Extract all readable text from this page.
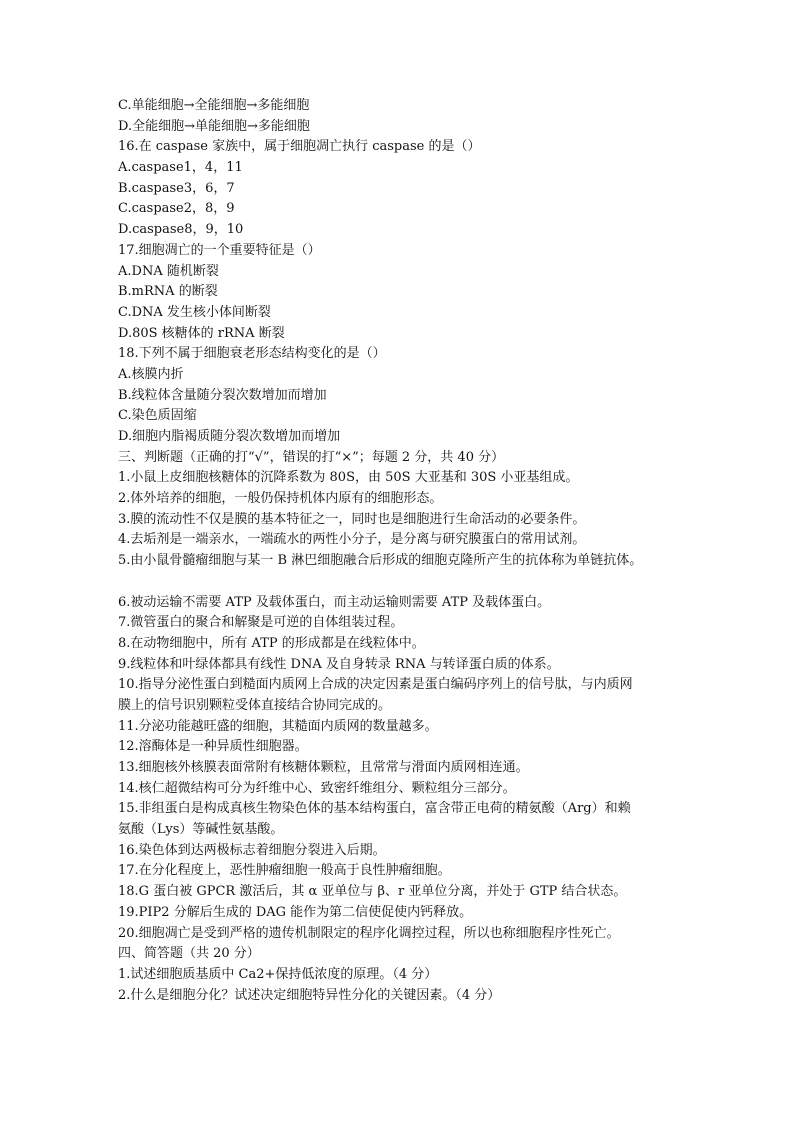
C.单能细胞→全能细胞→多能细胞
D.全能细胞→单能细胞→多能细胞
16.在 caspase 家族中，属于细胞凋亡执行 caspase 的是（）
A.caspase1，4，11
B.caspase3，6，7
C.caspase2，8，9
D.caspase8，9，10
17.细胞凋亡的一个重要特征是（）
A.DNA 随机断裂
B.mRNA 的断裂
C.DNA 发生核小体间断裂
D.80S 核糖体的 rRNA 断裂
18.下列不属于细胞衰老形态结构变化的是（）
A.核膜内折
B.线粒体含量随分裂次数增加而增加
C.染色质固缩
D.细胞内脂褐质随分裂次数增加而增加
三、判断题（正确的打“√”，错误的打“×”；每题 2 分，共 40 分）
1.小鼠上皮细胞核糖体的沉降系数为 80S，由 50S 大亚基和 30S 小亚基组成。
2.体外培养的细胞，一般仍保持机体内原有的细胞形态。
3.膜的流动性不仅是膜的基本特征之一，同时也是细胞进行生命活动的必要条件。
4.去垢剂是一端亲水，一端疏水的两性小分子，是分离与研究膜蛋白的常用试剂。
5.由小鼠骨髓瘤细胞与某一 B 淋巴细胞融合后形成的细胞克隆所产生的抗体称为单链抗体。
6.被动运输不需要 ATP 及载体蛋白，而主动运输则需要 ATP 及载体蛋白。
7.微管蛋白的聚合和解聚是可逆的自体组装过程。
8.在动物细胞中，所有 ATP 的形成都是在线粒体中。
9.线粒体和叶绿体都具有线性 DNA 及自身转录 RNA 与转译蛋白质的体系。
10.指导分泌性蛋白到糙面内质网上合成的决定因素是蛋白编码序列上的信号肽，与内质网
膜上的信号识别颗粒受体直接结合协同完成的。
11.分泌功能越旺盛的细胞，其糙面内质网的数量越多。
12.溶酶体是一种异质性细胞器。
13.细胞核外核膜表面常附有核糖体颗粒，且常常与滑面内质网相连通。
14.核仁超微结构可分为纤维中心、致密纤维组分、颗粒组分三部分。
15.非组蛋白是构成真核生物染色体的基本结构蛋白，富含带正电荷的精氨酸（Arg）和赖
氨酸（Lys）等碱性氨基酸。
16.染色体到达两极标志着细胞分裂进入后期。
17.在分化程度上，恶性肿瘤细胞一般高于良性肿瘤细胞。
18.G 蛋白被 GPCR 激活后，其 α 亚单位与 β、r 亚单位分离，并处于 GTP 结合状态。
19.PIP2 分解后生成的 DAG 能作为第二信使促使内钙释放。
20.细胞凋亡是受到严格的遗传机制限定的程序化调控过程，所以也称细胞程序性死亡。
四、简答题（共 20 分）
1.试述细胞质基质中 Ca2+保持低浓度的原理。（4 分）
2.什么是细胞分化？试述决定细胞特异性分化的关键因素。（4 分）
